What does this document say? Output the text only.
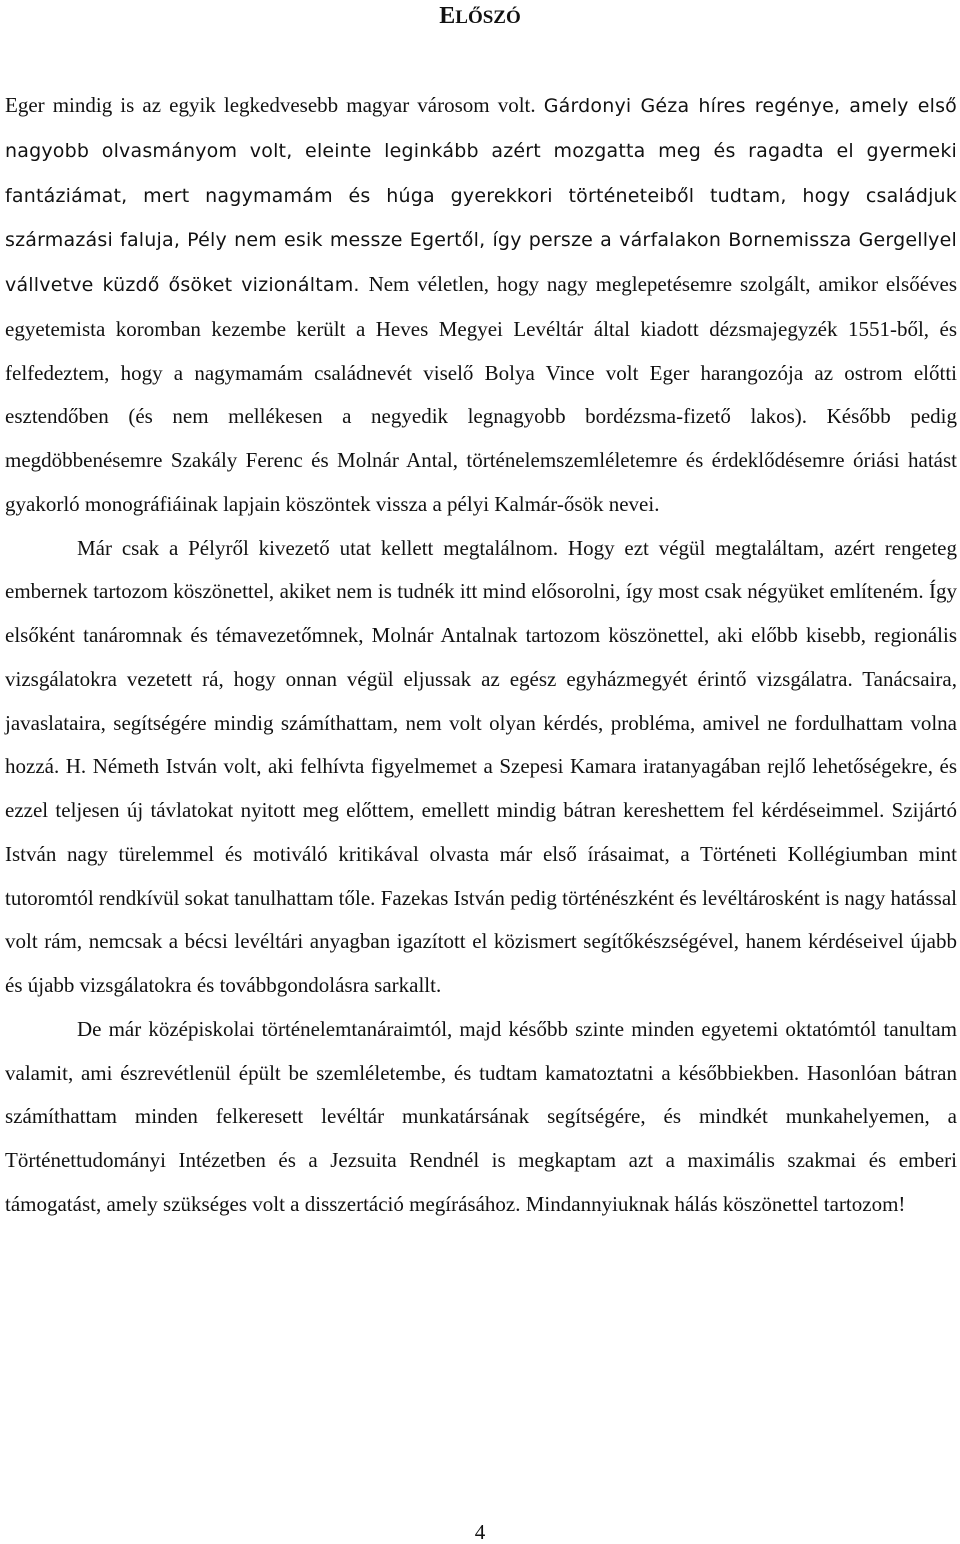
ELŐSZÓ

Eger mindig is az egyik legkedvesebb magyar városom volt. Gárdonyi Géza híres regénye, amely első nagyobb olvasmányom volt, eleinte leginkább azért mozgatta meg és ragadta el gyermeki fantáziámat, mert nagymamám és húga gyerekkori történeteiből tudtam, hogy családjuk származási faluja, Pély nem esik messze Egertől, így persze a várfalakon Bornemissza Gergellyel vállvetve küzdő ősöket vizionáltam. Nem véletlen, hogy nagy meglepetésemre szolgált, amikor elsőéves egyetemista koromban kezembe került a Heves Megyei Levéltár által kiadott dézsmajegyzék 1551-ből, és felfedeztem, hogy a nagymamám családnevét viselő Bolya Vince volt Eger harangozója az ostrom előtti esztendőben (és nem mellékesen a negyedik legnagyobb bordézsma-fizető lakos). Később pedig megdöbbenésemre Szakály Ferenc és Molnár Antal, történelemszemléletemre és érdeklődésemre óriási hatást gyakorló monográfiáinak lapjain köszöntek vissza a pélyi Kalmár-ősök nevei.

Már csak a Pélyről kivezető utat kellett megtalálnom. Hogy ezt végül megtaláltam, azért rengeteg embernek tartozom köszönettel, akiket nem is tudnék itt mind elősorolni, így most csak négyüket említeném. Így elsőként tanáromnak és témavezetőmnek, Molnár Antalnak tartozom köszönettel, aki előbb kisebb, regionális vizsgálatokra vezetett rá, hogy onnan végül eljussak az egész egyházmegyét érintő vizsgálatra. Tanácsaira, javaslataira, segítségére mindig számíthattam, nem volt olyan kérdés, probléma, amivel ne fordulhattam volna hozzá. H. Németh István volt, aki felhívta figyelmemet a Szepesi Kamara iratanyagában rejlő lehetőségekre, és ezzel teljesen új távlatokat nyitott meg előttem, emellett mindig bátran kereshettem fel kérdéseimmel. Szijártó István nagy türelemmel és motiváló kritikával olvasta már első írásaimat, a Történeti Kollégiumban mint tutoromtól rendkívül sokat tanulhattam tőle. Fazekas István pedig történészként és levéltárosként is nagy hatással volt rám, nemcsak a bécsi levéltári anyagban igazított el közismert segítőkészségével, hanem kérdéseivel újabb és újabb vizsgálatokra és továbbgondolásra sarkallt.

De már középiskolai történelemtanáraimtól, majd később szinte minden egyetemi oktatómtól tanultam valamit, ami észrevétlenül épült be szemléletembe, és tudtam kamatoztatni a későbbiekben. Hasonlóan bátran számíthattam minden felkeresett levéltár munkatársának segítségére, és mindkét munkahelyemen, a Történettudományi Intézetben és a Jezsuita Rendnél is megkaptam azt a maximális szakmai és emberi támogatást, amely szükséges volt a disszertáció megírásához. Mindannyiuknak hálás köszönettel tartozom!

4
